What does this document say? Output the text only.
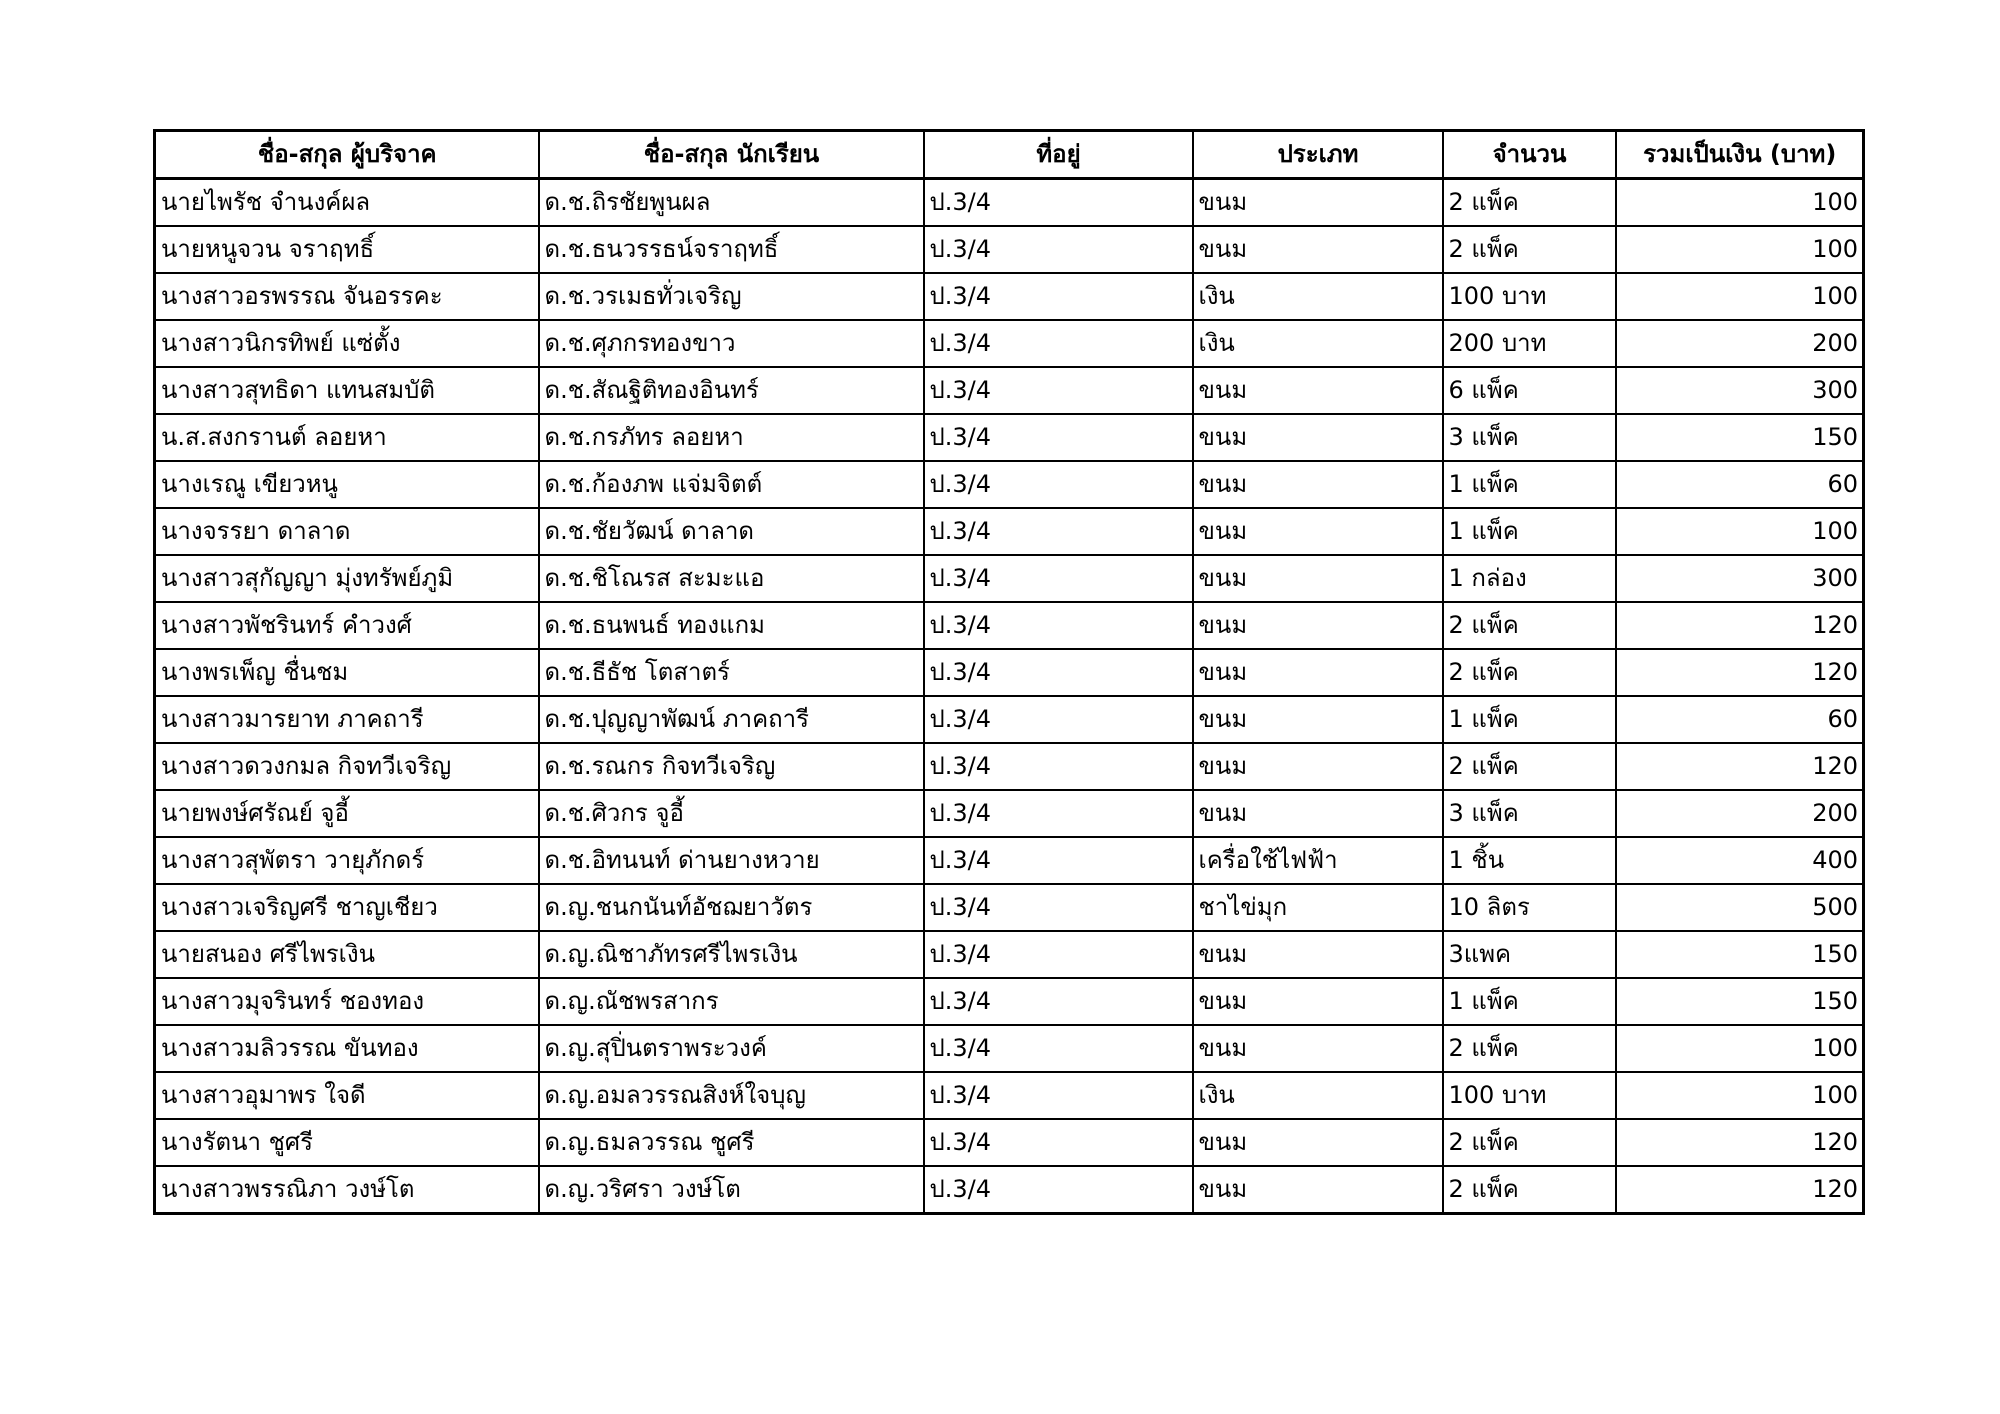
ชื่อ-สกุล ผู้บริจาค	ชื่อ-สกุล นักเรียน	ที่อยู่	ประเภท	จำนวน	รวมเป็นเงิน (บาท)
นายไพรัช จำนงค์ผล	ด.ช.ถิรชัยพูนผล	ป.3/4	ขนม	2 แพ็ค	100
นายหนูจวน จราฤทธิ์	ด.ช.ธนวรรธน์จราฤทธิ์	ป.3/4	ขนม	2 แพ็ค	100
นางสาวอรพรรณ จันอรรคะ	ด.ช.วรเมธทั่วเจริญ	ป.3/4	เงิน	100 บาท	100
นางสาวนิกรทิพย์ แซ่ตั้ง	ด.ช.ศุภกรทองขาว	ป.3/4	เงิน	200 บาท	200
นางสาวสุทธิดา แทนสมบัติ	ด.ช.สัณฐิติทองอินทร์	ป.3/4	ขนม	6 แพ็ค	300
น.ส.สงกรานต์ ลอยหา	ด.ช.กรภัทร ลอยหา	ป.3/4	ขนม	3 แพ็ค	150
นางเรณู เขียวหนู	ด.ช.ก้องภพ แจ่มจิตต์	ป.3/4	ขนม	1 แพ็ค	60
นางจรรยา ดาลาด	ด.ช.ชัยวัฒน์ ดาลาด	ป.3/4	ขนม	1 แพ็ค	100
นางสาวสุกัญญา มุ่งทรัพย์ภูมิ	ด.ช.ชิโณรส สะมะแอ	ป.3/4	ขนม	1 กล่อง	300
นางสาวพัชรินทร์ คำวงศ์	ด.ช.ธนพนธ์ ทองแกม	ป.3/4	ขนม	2 แพ็ค	120
นางพรเพ็ญ ชื่นชม	ด.ช.ธีธัช โตสาตร์	ป.3/4	ขนม	2 แพ็ค	120
นางสาวมารยาท ภาคถารี	ด.ช.ปุญญาพัฒน์ ภาคถารี	ป.3/4	ขนม	1 แพ็ค	60
นางสาวดวงกมล กิจทวีเจริญ	ด.ช.รณกร กิจทวีเจริญ	ป.3/4	ขนม	2 แพ็ค	120
นายพงษ์ศรัณย์ จูอี้	ด.ช.ศิวกร จูอี้	ป.3/4	ขนม	3 แพ็ค	200
นางสาวสุพัตรา วายุภักดร์	ด.ช.อิทนนท์ ด่านยางหวาย	ป.3/4	เครื่อใช้ไฟฟ้า	1 ชิ้น	400
นางสาวเจริญศรี ชาญเชียว	ด.ญ.ชนกนันท์อัชฌยาวัตร	ป.3/4	ชาไข่มุก	10 ลิตร	500
นายสนอง ศรีไพรเงิน	ด.ญ.ณิชาภัทรศรีไพรเงิน	ป.3/4	ขนม	3แพค	150
นางสาวมุจรินทร์ ชองทอง	ด.ญ.ณัชพรสากร	ป.3/4	ขนม	1 แพ็ค	150
นางสาวมลิวรรณ ขันทอง	ด.ญ.สุปิ่นตราพระวงค์	ป.3/4	ขนม	2 แพ็ค	100
นางสาวอุมาพร ใจดี	ด.ญ.อมลวรรณสิงห์ใจบุญ	ป.3/4	เงิน	100 บาท	100
นางรัตนา ชูศรี	ด.ญ.ธมลวรรณ ชูศรี	ป.3/4	ขนม	2 แพ็ค	120
นางสาวพรรณิภา วงษ์โต	ด.ญ.วริศรา วงษ์โต	ป.3/4	ขนม	2 แพ็ค	120
